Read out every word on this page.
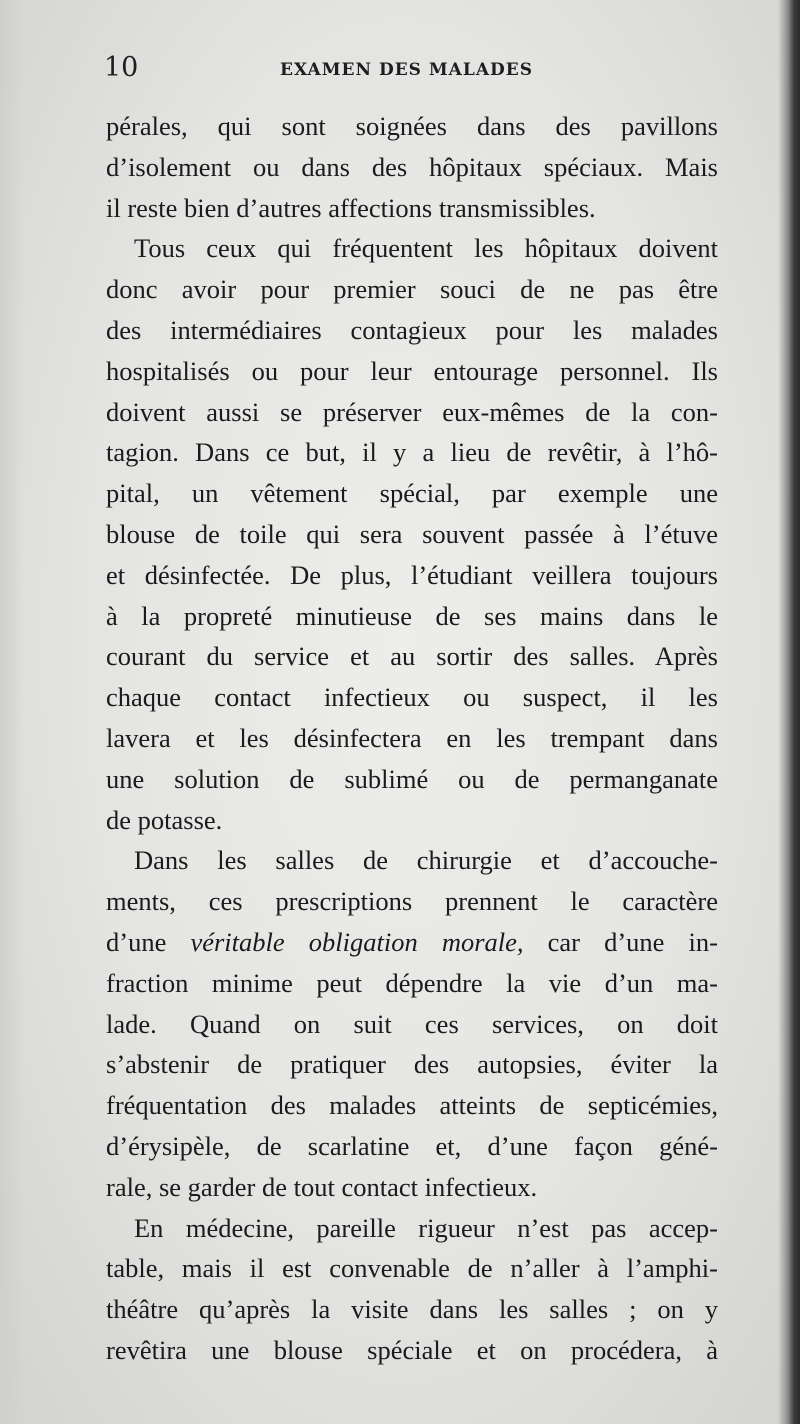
10	EXAMEN DES MALADES
pérales, qui sont soignées dans des pavillons
d’isolement ou dans des hôpitaux spéciaux. Mais
il reste bien d’autres affections transmissibles.
Tous ceux qui fréquentent les hôpitaux doivent
donc avoir pour premier souci de ne pas être
des intermédiaires contagieux pour les malades
hospitalisés ou pour leur entourage personnel. Ils
doivent aussi se préserver eux-mêmes de la con-
tagion. Dans ce but, il y a lieu de revêtir, à l’hô-
pital, un vêtement spécial, par exemple une
blouse de toile qui sera souvent passée à l’étuve
et désinfectée. De plus, l’étudiant veillera toujours
à la propreté minutieuse de ses mains dans le
courant du service et au sortir des salles. Après
chaque contact infectieux ou suspect, il les
lavera et les désinfectera en les trempant dans
une solution de sublimé ou de permanganate
de potasse.
Dans les salles de chirurgie et d’accouche-
ments, ces prescriptions prennent le caractère
d’une véritable obligation morale, car d’une in-
fraction minime peut dépendre la vie d’un ma-
lade. Quand on suit ces services, on doit
s’abstenir de pratiquer des autopsies, éviter la
fréquentation des malades atteints de septicémies,
d’érysipèle, de scarlatine et, d’une façon géné-
rale, se garder de tout contact infectieux.
En médecine, pareille rigueur n’est pas accep-
table, mais il est convenable de n’aller à l’amphi-
théâtre qu’après la visite dans les salles ; on y
revêtira une blouse spéciale et on procédera, à
